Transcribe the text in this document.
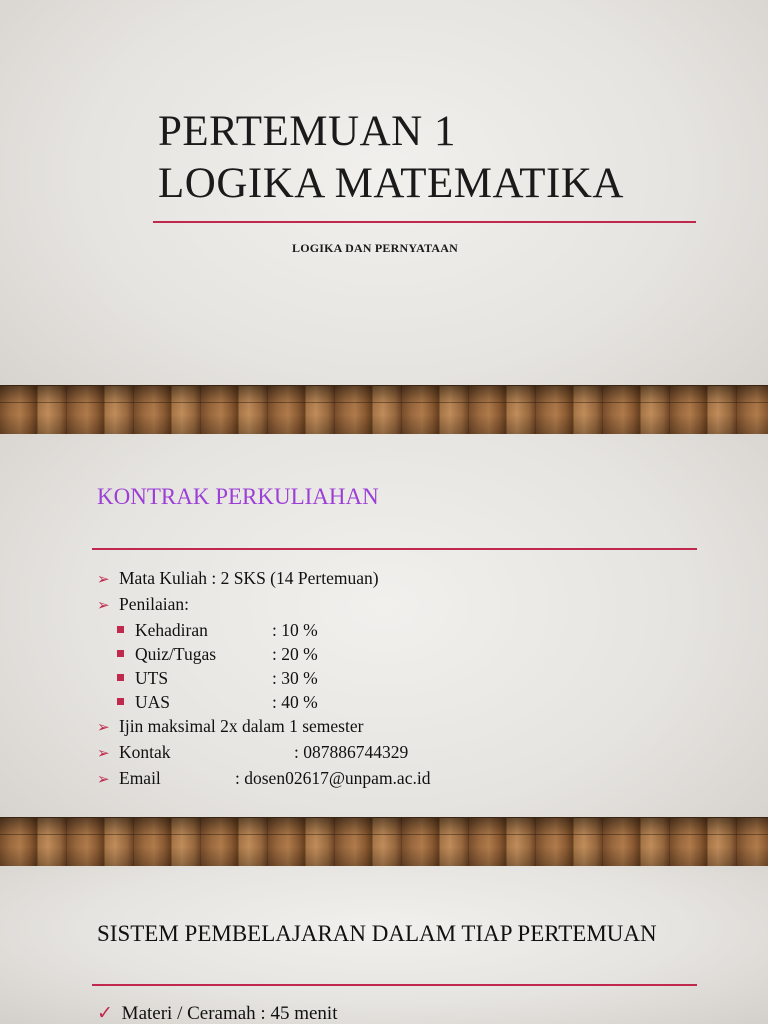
PERTEMUAN 1
LOGIKA MATEMATIKA
LOGIKA DAN PERNYATAAN
KONTRAK PERKULIAHAN
➢ Mata Kuliah : 2 SKS (14 Pertemuan)
➢ Penilaian:
Kehadiran	: 10 %
Quiz/Tugas	: 20 %
UTS	: 30 %
UAS	: 40 %
➢ Ijin maksimal 2x dalam 1 semester
➢ Kontak	: 087886744329
➢ Email	: dosen02617@unpam.ac.id
SISTEM PEMBELAJARAN DALAM TIAP PERTEMUAN
✓ Materi / Ceramah : 45 menit
